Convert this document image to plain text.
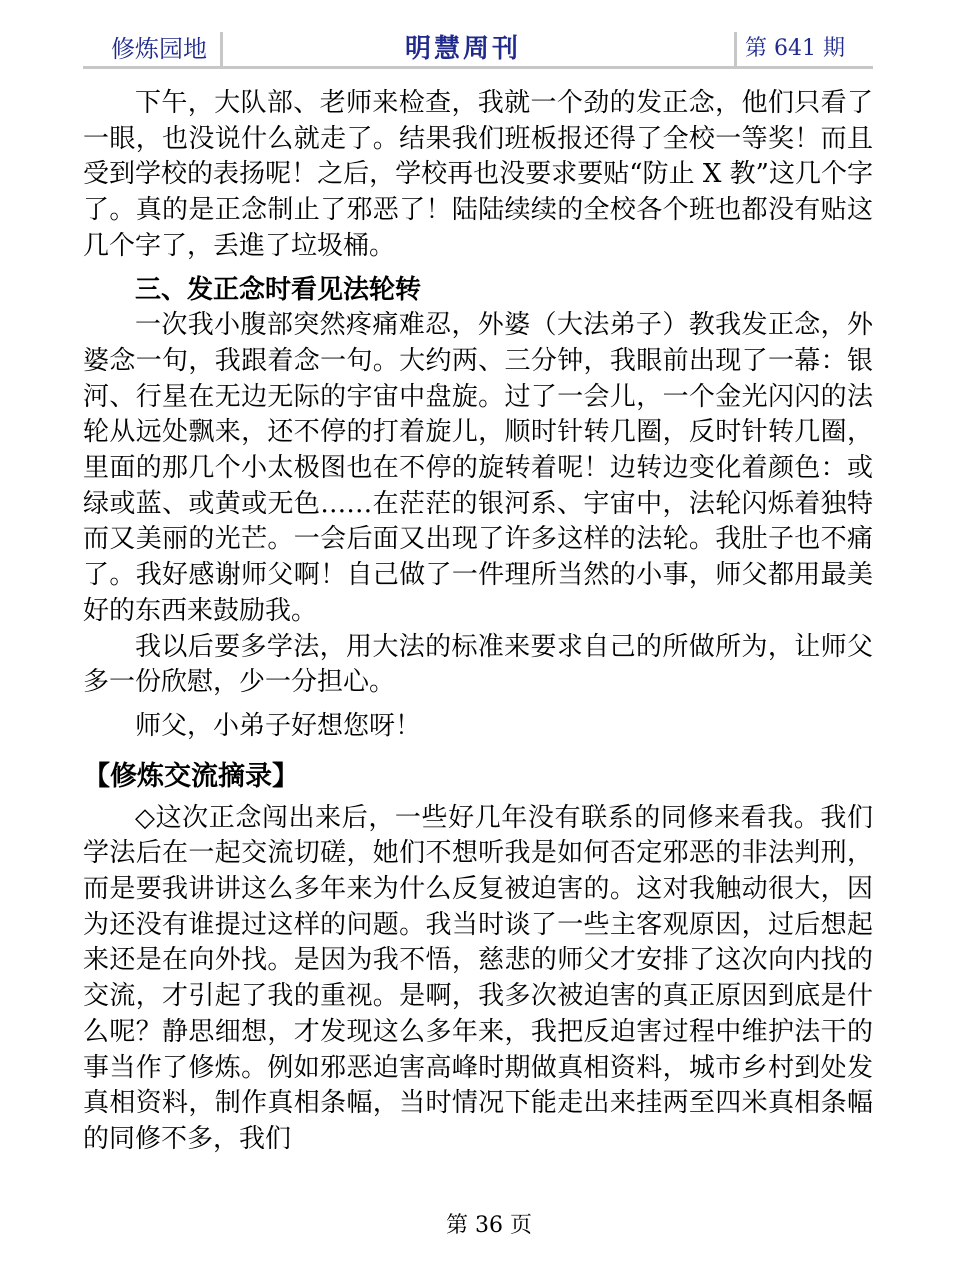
修炼园地	明慧周刊	第 641 期

下午，大队部、老师来检查，我就一个劲的发正念，他们只看了一眼，也没说什么就走了。结果我们班板报还得了全校一等奖！而且受到学校的表扬呢！之后，学校再也没要求要贴“防止 X 教”这几个字了。真的是正念制止了邪恶了！陆陆续续的全校各个班也都没有贴这几个字了，丢進了垃圾桶。

三、发正念时看见法轮转

一次我小腹部突然疼痛难忍，外婆（大法弟子）教我发正念，外婆念一句，我跟着念一句。大约两、三分钟，我眼前出现了一幕：银河、行星在无边无际的宇宙中盘旋。过了一会儿，一个金光闪闪的法轮从远处飘来，还不停的打着旋儿，顺时针转几圈，反时针转几圈，里面的那几个小太极图也在不停的旋转着呢！边转边变化着颜色：或绿或蓝、或黄或无色……在茫茫的银河系、宇宙中，法轮闪烁着独特而又美丽的光芒。一会后面又出现了许多这样的法轮。我肚子也不痛了。我好感谢师父啊！自己做了一件理所当然的小事，师父都用最美好的东西来鼓励我。

我以后要多学法，用大法的标准来要求自己的所做所为，让师父多一份欣慰，少一分担心。

师父，小弟子好想您呀！

【修炼交流摘录】

◇这次正念闯出来后，一些好几年没有联系的同修来看我。我们学法后在一起交流切磋，她们不想听我是如何否定邪恶的非法判刑，而是要我讲讲这么多年来为什么反复被迫害的。这对我触动很大，因为还没有谁提过这样的问题。我当时谈了一些主客观原因，过后想起来还是在向外找。是因为我不悟，慈悲的师父才安排了这次向内找的交流，才引起了我的重视。是啊，我多次被迫害的真正原因到底是什么呢？静思细想，才发现这么多年来，我把反迫害过程中维护法干的事当作了修炼。例如邪恶迫害高峰时期做真相资料，城市乡村到处发真相资料，制作真相条幅，当时情况下能走出来挂两至四米真相条幅的同修不多，我们

第 36 页
